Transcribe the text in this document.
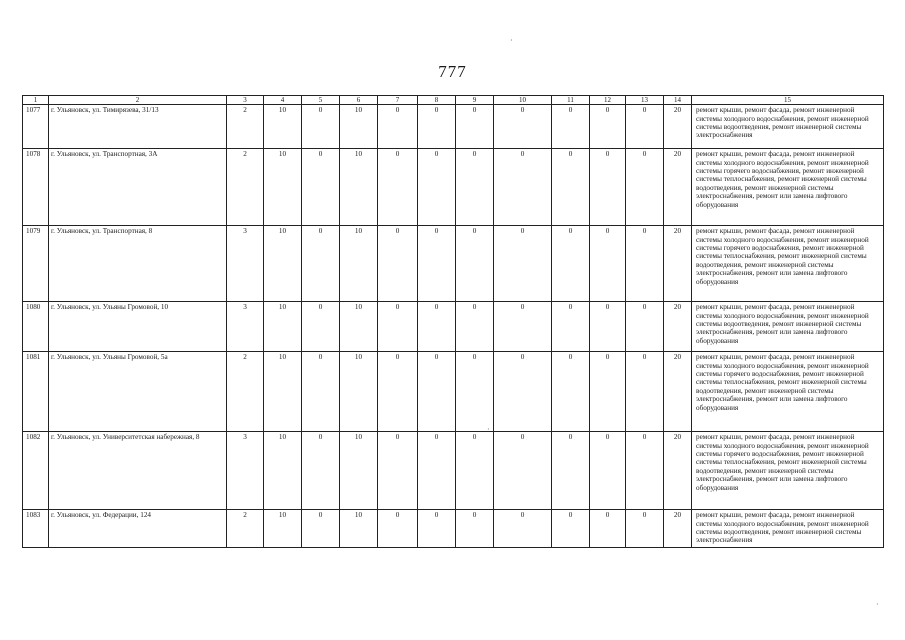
777
·
·
·
1	2	3	4	5	6	7	8	9	10	11	12	13	14	15
1077	г. Ульяновск, ул. Тимирязева, 31/13	2	10	0	10	0	0	0	0	0	0	0	20	ремонт крыши, ремонт фасада, ремонт инженерной системы холодного водоснабжения, ремонт инженерной системы водоотведения, ремонт инженерной системы электроснабжения
1078	г. Ульяновск, ул. Транспортная, 3А	2	10	0	10	0	0	0	0	0	0	0	20	ремонт крыши, ремонт фасада, ремонт инженерной системы холодного водоснабжения, ремонт инженерной системы горячего водоснабжения, ремонт инженерной системы теплоснабжения, ремонт инженерной системы водоотведения, ремонт инженерной системы электроснабжения, ремонт или замена лифтового оборудования
1079	г. Ульяновск, ул. Транспортная, 8	3	10	0	10	0	0	0	0	0	0	0	20	ремонт крыши, ремонт фасада, ремонт инженерной системы холодного водоснабжения, ремонт инженерной системы горячего водоснабжения, ремонт инженерной системы теплоснабжения, ремонт инженерной системы водоотведения, ремонт инженерной системы электроснабжения, ремонт или замена лифтового оборудования
1080	г. Ульяновск, ул. Ульяны Громовой, 10	3	10	0	10	0	0	0	0	0	0	0	20	ремонт крыши, ремонт фасада, ремонт инженерной системы холодного водоснабжения, ремонт инженерной системы водоотведения, ремонт инженерной системы электроснабжения, ремонт или замена лифтового оборудования
1081	г. Ульяновск, ул. Ульяны Громовой, 5а	2	10	0	10	0	0	0	0	0	0	0	20	ремонт крыши, ремонт фасада, ремонт инженерной системы холодного водоснабжения, ремонт инженерной системы горячего водоснабжения, ремонт инженерной системы теплоснабжения, ремонт инженерной системы водоотведения, ремонт инженерной системы электроснабжения, ремонт или замена лифтового оборудования
1082	г. Ульяновск, ул. Университетская набережная, 8	3	10	0	10	0	0	0	0	0	0	0	20	ремонт крыши, ремонт фасада, ремонт инженерной системы холодного водоснабжения, ремонт инженерной системы горячего водоснабжения, ремонт инженерной системы теплоснабжения, ремонт инженерной системы водоотведения, ремонт инженерной системы электроснабжения, ремонт или замена лифтового оборудования
1083	г. Ульяновск, ул. Федерации, 124	2	10	0	10	0	0	0	0	0	0	0	20	ремонт крыши, ремонт фасада, ремонт инженерной системы холодного водоснабжения, ремонт инженерной системы водоотведения, ремонт инженерной системы электроснабжения
